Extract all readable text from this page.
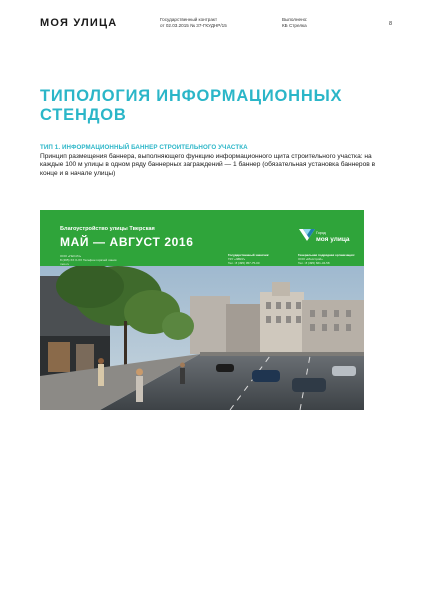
МОЯ УЛИЦА	Государственный контракт
от 02.03.2015 № 37-ГКУДНР/15
Выполнено:
КБ Стрелка	8
ТИПОЛОГИЯ ИНФОРМАЦИОННЫХ СТЕНДОВ
ТИП 1. ИНФОРМАЦИОННЫЙ БАННЕР СТРОИТЕЛЬНОГО УЧАСТКА
Принцип размещения баннера, выполняющего функцию информационного щита строительного участка: на каждые 100 м улицы в одном ряду баннерных заграждений — 1 баннер (обязательная установка баннеров в конце и в начале улицы)
Благоустройство улицы Тверская
МАЙ — АВГУСТ 2016
ООО «ГЕО-Ю»
8 (495) XX X-XX Телефон горячей линии
mos.ru
Государственный заказчик:
ГКУ «ЭВКУ»
Тел.: 8 (495) 957-75-00
Генеральная подрядная организация:
ООО «Мосстрой»
Тел.: 8 (495) 661-34-58
Город
моя улица
